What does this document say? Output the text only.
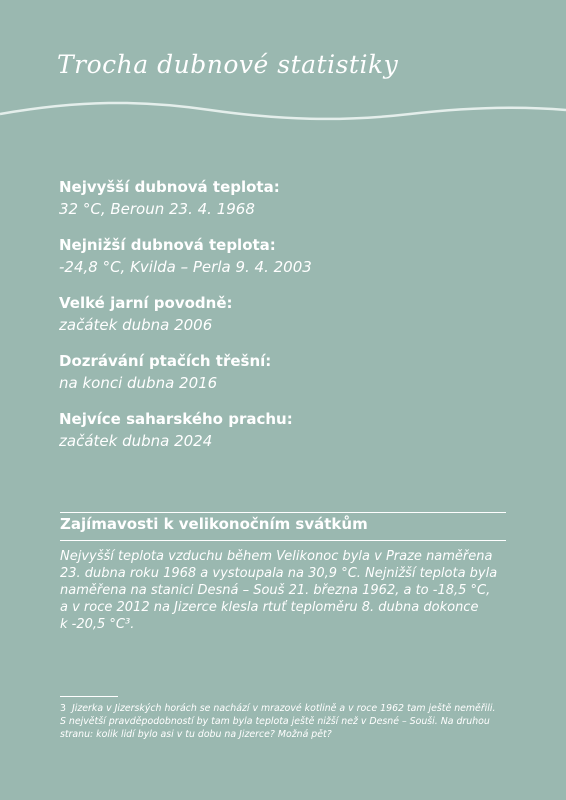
Trocha dubnové statistiky
Nejvyšší dubnová teplota:
32 °C, Beroun 23. 4. 1968
Nejnižší dubnová teplota:
-24,8 °C, Kvilda – Perla 9. 4. 2003
Velké jarní povodně:
začátek dubna 2006
Dozrávání ptačích třešní:
na konci dubna 2016
Nejvíce saharského prachu:
začátek dubna 2024
Zajímavosti k velikonočním svátkům

Nejvyšší teplota vzduchu během Velikonoc byla v Praze naměřena

23. dubna roku 1968 a vystoupala na 30,9 °C. Nejnižší teplota byla

naměřena na stanici Desná – Souš 21. března 1962, a to -18,5 °C,

a v roce 2012 na Jizerce klesla rtuť teploměru 8. dubna dokonce

k -20,5 °C³.

3 Jizerka v Jizerských horách se nachází v mrazové kotlině a v roce 1962 tam ještě neměřili.

S největší pravděpodobností by tam byla teplota ještě nižší než v Desné – Souši. Na druhou

stranu: kolik lidí bylo asi v tu dobu na Jizerce? Možná pět?
